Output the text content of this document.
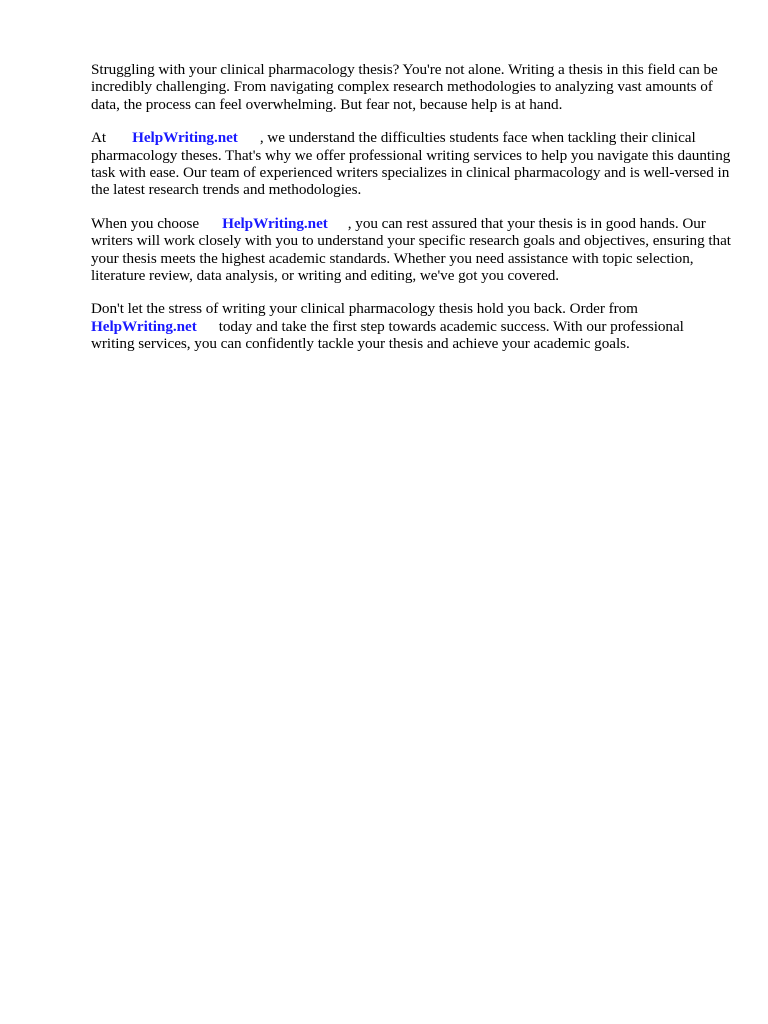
Struggling with your clinical pharmacology thesis? You're not alone. Writing a thesis in this field can be incredibly challenging. From navigating complex research methodologies to analyzing vast amounts of data, the process can feel overwhelming. But fear not, because help is at hand.

At HelpWriting.net , we understand the difficulties students face when tackling their clinical pharmacology theses. That's why we offer professional writing services to help you navigate this daunting task with ease. Our team of experienced writers specializes in clinical pharmacology and is well-versed in the latest research trends and methodologies.

When you choose HelpWriting.net , you can rest assured that your thesis is in good hands. Our writers will work closely with you to understand your specific research goals and objectives, ensuring that your thesis meets the highest academic standards. Whether you need assistance with topic selection, literature review, data analysis, or writing and editing, we've got you covered.

Don't let the stress of writing your clinical pharmacology thesis hold you back. Order from HelpWriting.net today and take the first step towards academic success. With our professional writing services, you can confidently tackle your thesis and achieve your academic goals.
